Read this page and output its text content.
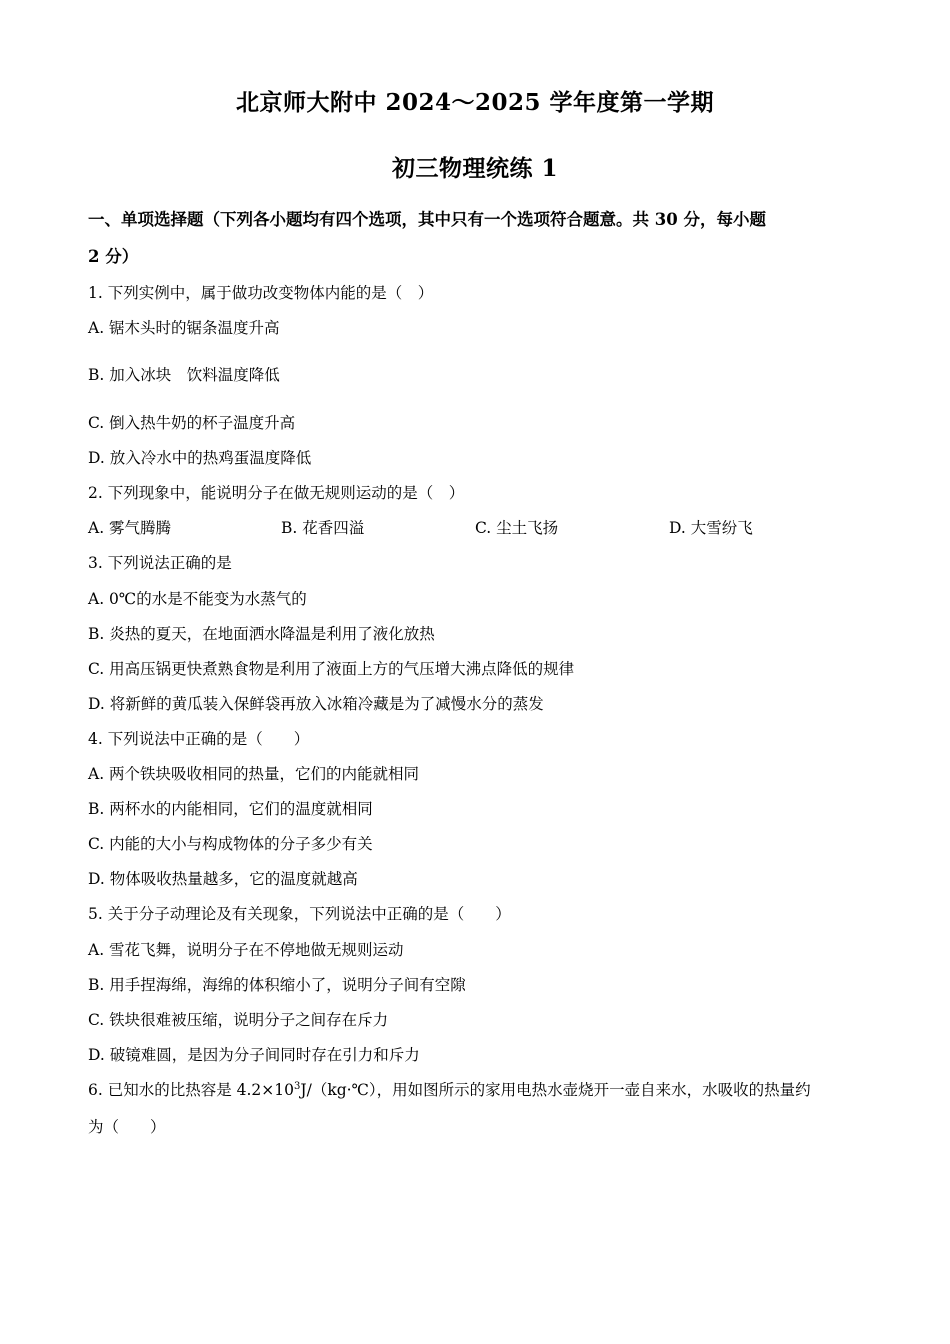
北京师大附中 2024～2025 学年度第一学期
初三物理统练 1
一、单项选择题（下列各小题均有四个选项，其中只有一个选项符合题意。共 30 分，每小题
2 分）
1. 下列实例中，属于做功改变物体内能的是（　）
A. 锯木头时的锯条温度升高
B. 加入冰块　饮料温度降低
C. 倒入热牛奶的杯子温度升高
D. 放入冷水中的热鸡蛋温度降低
2. 下列现象中，能说明分子在做无规则运动的是（　）
A. 雾气腾腾	B. 花香四溢	C. 尘土飞扬	D. 大雪纷飞
3. 下列说法正确的是
A. 0℃的水是不能变为水蒸气的
B. 炎热的夏天，在地面洒水降温是利用了液化放热
C. 用高压锅更快煮熟食物是利用了液面上方的气压增大沸点降低的规律
D. 将新鲜的黄瓜装入保鲜袋再放入冰箱冷藏是为了减慢水分的蒸发
4. 下列说法中正确的是（　　）
A. 两个铁块吸收相同的热量，它们的内能就相同
B. 两杯水的内能相同，它们的温度就相同
C. 内能的大小与构成物体的分子多少有关
D. 物体吸收热量越多，它的温度就越高
5. 关于分子动理论及有关现象，下列说法中正确的是（　　）
A. 雪花飞舞，说明分子在不停地做无规则运动
B. 用手捏海绵，海绵的体积缩小了，说明分子间有空隙
C. 铁块很难被压缩，说明分子之间存在斥力
D. 破镜难圆，是因为分子间同时存在引力和斥力
6. 已知水的比热容是 $4.2\times 10^3J/(kg\cdot℃)$，用如图所示的家用电热水壶烧开一壶自来水，水吸收的热量约
为（　　）
